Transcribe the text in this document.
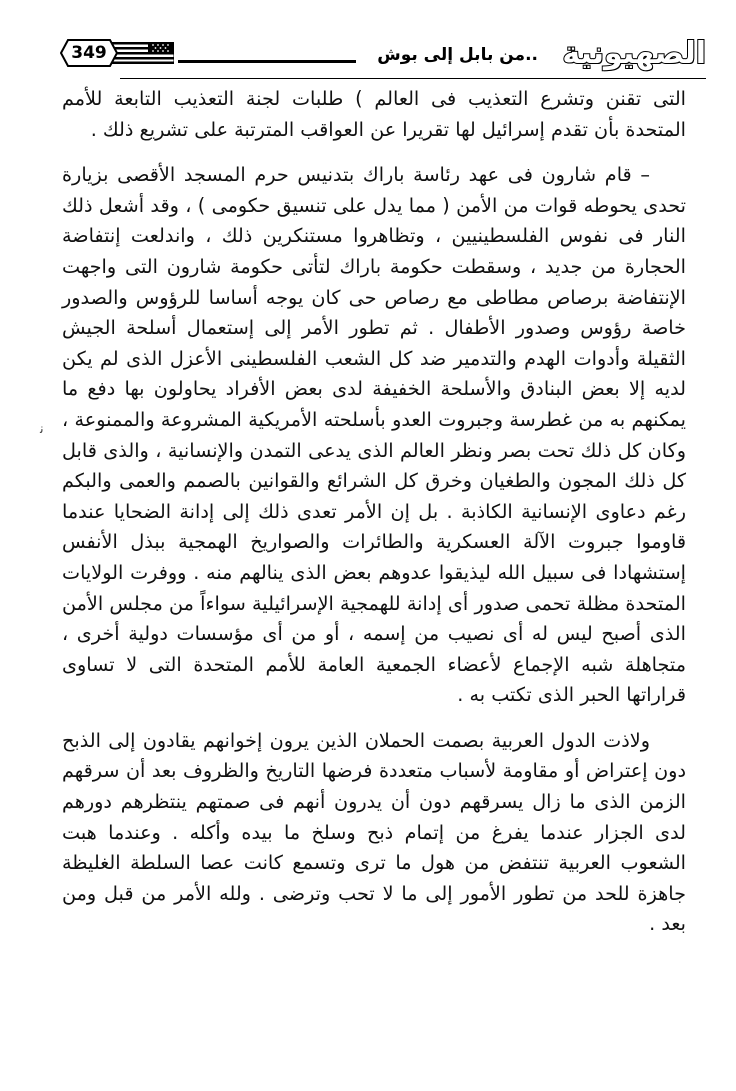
الصهيونية
..من بابل إلى بوش
349

التى تقنن وتشرع التعذيب فى العالم ) طلبات لجنة التعذيب التابعة للأمم المتحدة بأن تقدم إسرائيل لها تقريرا عن العواقب المترتبة على تشريع ذلك .

– قام شارون فى عهد رئاسة باراك بتدنيس حرم المسجد الأقصى بزيارة تحدى يحوطه قوات من الأمن ( مما يدل على تنسيق حكومى ) ، وقد أشعل ذلك النار فى نفوس الفلسطينيين ، وتظاهروا مستنكرين ذلك ، واندلعت إنتفاضة الحجارة من جديد ، وسقطت حكومة باراك لتأتى حكومة شارون التى واجهت الإنتفاضة برصاص مطاطى مع رصاص حى كان يوجه أساسا للرؤوس والصدور خاصة رؤوس وصدور الأطفال . ثم تطور الأمر إلى إستعمال أسلحة الجيش الثقيلة وأدوات الهدم والتدمير ضد كل الشعب الفلسطينى الأعزل الذى لم يكن لديه إلا بعض البنادق والأسلحة الخفيفة لدى بعض الأفراد يحاولون بها دفع ما يمكنهم به من غطرسة وجبروت العدو بأسلحته الأمريكية المشروعة والممنوعة ، وكان كل ذلك تحت بصر ونظر العالم الذى يدعى التمدن والإنسانية ، والذى قابل كل ذلك المجون والطغيان وخرق كل الشرائع والقوانين بالصمم والعمى والبكم رغم دعاوى الإنسانية الكاذبة . بل إن الأمر تعدى ذلك إلى إدانة الضحايا عندما قاوموا جبروت الآلة العسكرية والطائرات والصواريخ الهمجية ببذل الأنفس إستشهادا فى سبيل الله ليذيقوا عدوهم بعض الذى ينالهم منه . ووفرت الولايات المتحدة مظلة تحمى صدور أى إدانة للهمجية الإسرائيلية سواءاً من مجلس الأمن الذى أصبح ليس له أى نصيب من إسمه ، أو من أى مؤسسات دولية أخرى ، متجاهلة شبه الإجماع لأعضاء الجمعية العامة للأمم المتحدة التى لا تساوى قراراتها الحبر الذى تكتب به .

ولاذت الدول العربية بصمت الحملان الذين يرون إخوانهم يقادون إلى الذبح دون إعتراض أو مقاومة لأسباب متعددة فرضها التاريخ والظروف بعد أن سرقهم الزمن الذى ما زال يسرقهم دون أن يدرون أنهم فى صمتهم ينتظرهم دورهم لدى الجزار عندما يفرغ من إتمام ذبح وسلخ ما بيده وأكله . وعندما هبت الشعوب العربية تنتفض من هول ما ترى وتسمع كانت عصا السلطة الغليظة جاهزة للحد من تطور الأمور إلى ما لا تحب وترضى . ولله الأمر من قبل ومن بعد .

ﻧ
